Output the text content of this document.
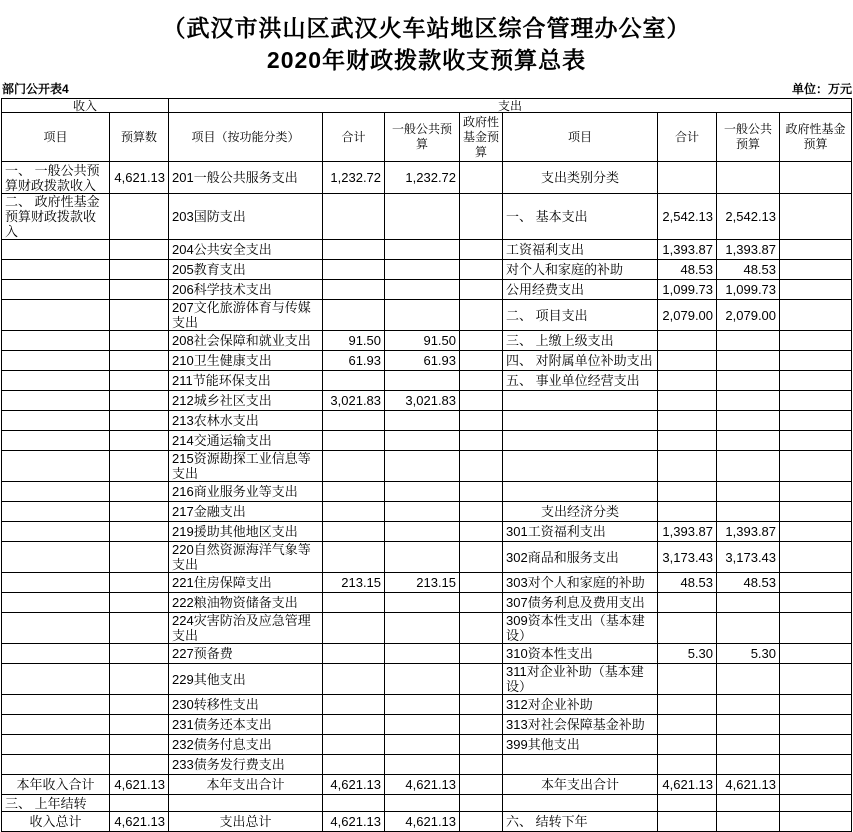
（武汉市洪山区武汉火车站地区综合管理办公室）
2020年财政拨款收支预算总表
部门公开表4	单位：万元
收入		支出							
项目	预算数	项目（按功能分类）	合计	一般公共预算	政府性基金预算	项目	合计	一般公共预算	政府性基金预算
一、 一般公共预算财政拨款收入	4,621.13	201一般公共服务支出	1,232.72	1,232.72		支出类别分类			
二、 政府性基金预算财政拨款收入		203国防支出				一、 基本支出	2,542.13	2,542.13	
		204公共安全支出				工资福利支出	1,393.87	1,393.87	
		205教育支出				对个人和家庭的补助	48.53	48.53	
		206科学技术支出				公用经费支出	1,099.73	1,099.73	
		207文化旅游体育与传媒支出				二、 项目支出	2,079.00	2,079.00	
		208社会保障和就业支出	91.50	91.50		三、 上缴上级支出			
		210卫生健康支出	61.93	61.93		四、 对附属单位补助支出			
		211节能环保支出				五、 事业单位经营支出			
		212城乡社区支出	3,021.83	3,021.83					
		213农林水支出							
		214交通运输支出							
		215资源勘探工业信息等支出							
		216商业服务业等支出							
		217金融支出				支出经济分类			
		219援助其他地区支出				301工资福利支出	1,393.87	1,393.87	
		220自然资源海洋气象等支出				302商品和服务支出	3,173.43	3,173.43	
		221住房保障支出	213.15	213.15		303对个人和家庭的补助	48.53	48.53	
		222粮油物资储备支出				307债务利息及费用支出			
		224灾害防治及应急管理支出				309资本性支出（基本建设）			
		227预备费				310资本性支出	5.30	5.30	
		229其他支出				311对企业补助（基本建设）			
		230转移性支出				312对企业补助			
		231债务还本支出				313对社会保障基金补助			
		232债务付息支出				399其他支出			
		233债务发行费支出							
本年收入合计	4,621.13	本年支出合计	4,621.13	4,621.13		本年支出合计	4,621.13	4,621.13	
三、 上年结转									
收入总计	4,621.13	支出总计	4,621.13	4,621.13		六、 结转下年			
